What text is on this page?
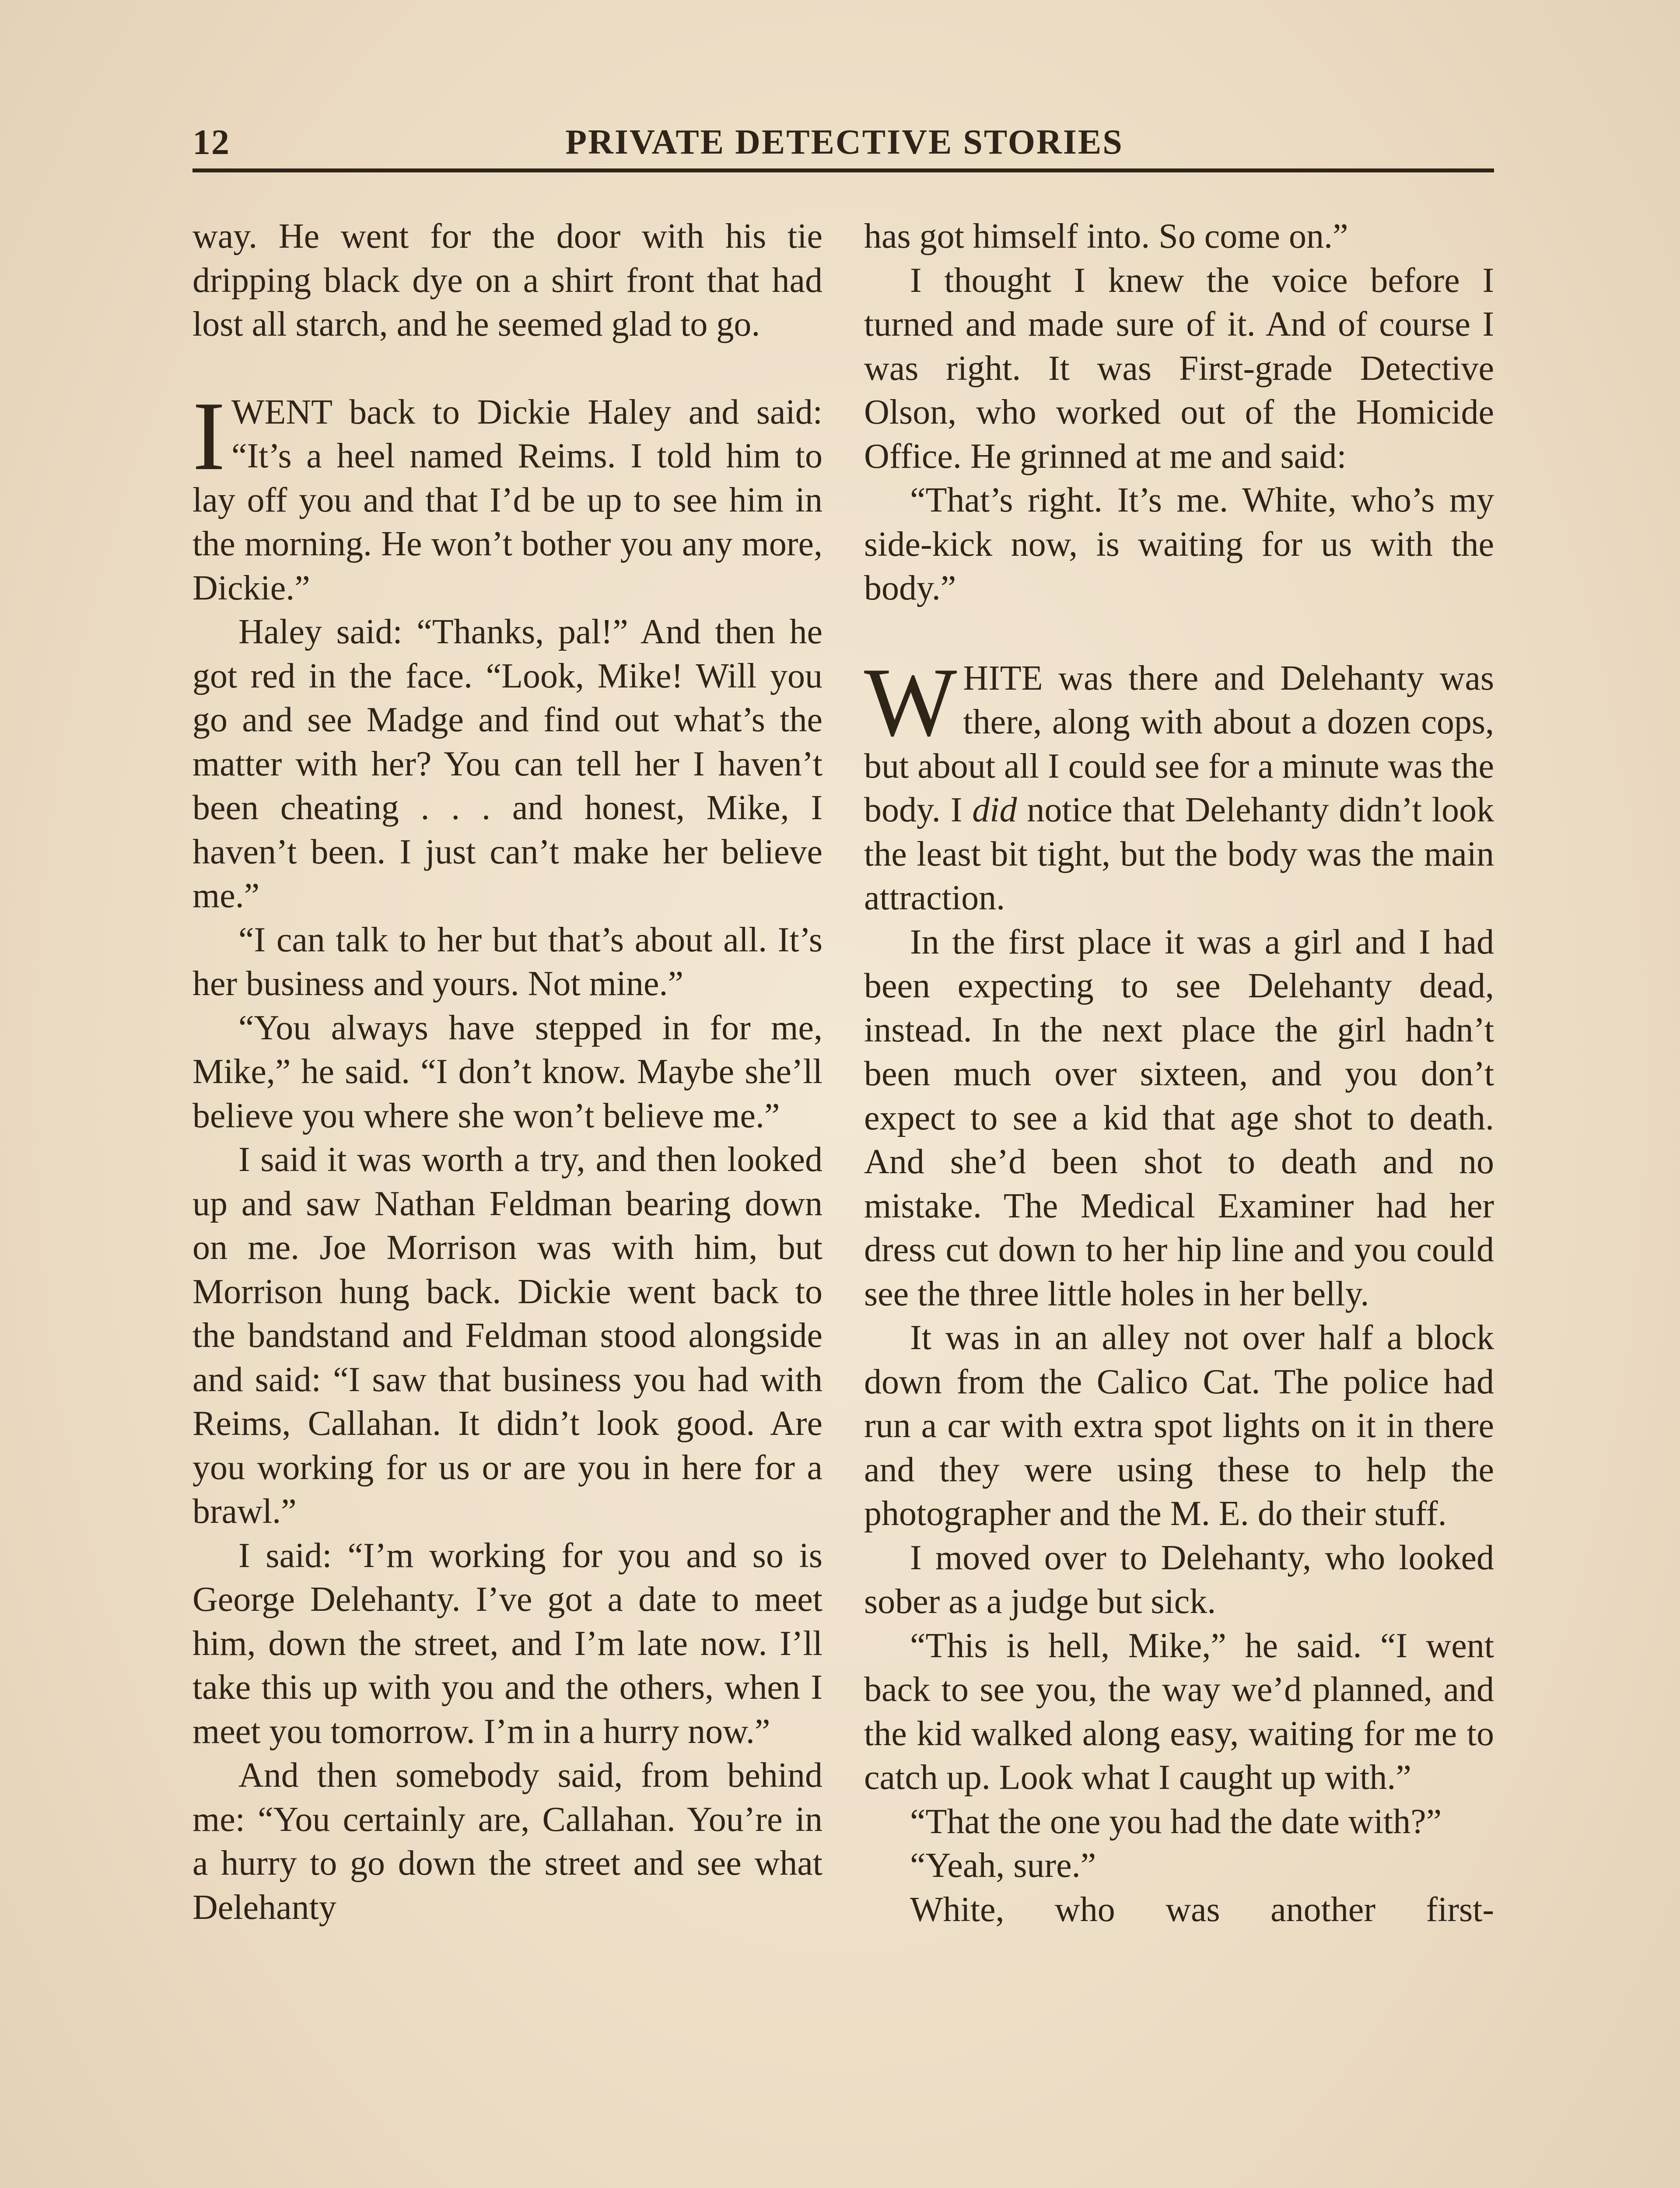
12	PRIVATE DETECTIVE STORIES

way. He went for the door with his tie dripping black dye on a shirt front that had lost all starch, and he seemed glad to go.

I WENT back to Dickie Haley and said: “It’s a heel named Reims. I told him to lay off you and that I’d be up to see him in the morning. He won’t bother you any more, Dickie.”

Haley said: “Thanks, pal!” And then he got red in the face. “Look, Mike! Will you go and see Madge and find out what’s the matter with her? You can tell her I haven’t been cheating . . . and honest, Mike, I haven’t been. I just can’t make her believe me.”

“I can talk to her but that’s about all. It’s her business and yours. Not mine.”

“You always have stepped in for me, Mike,” he said. “I don’t know. Maybe she’ll believe you where she won’t believe me.”

I said it was worth a try, and then looked up and saw Nathan Feldman bearing down on me. Joe Morrison was with him, but Morrison hung back. Dickie went back to the bandstand and Feldman stood alongside and said: “I saw that business you had with Reims, Callahan. It didn’t look good. Are you working for us or are you in here for a brawl.”

I said: “I’m working for you and so is George Delehanty. I’ve got a date to meet him, down the street, and I’m late now. I’ll take this up with you and the others, when I meet you tomorrow. I’m in a hurry now.”

And then somebody said, from behind me: “You certainly are, Callahan. You’re in a hurry to go down the street and see what Delehanty

has got himself into. So come on.”

I thought I knew the voice before I turned and made sure of it. And of course I was right. It was First-grade Detective Olson, who worked out of the Homicide Office. He grinned at me and said:

“That’s right. It’s me. White, who’s my side-kick now, is waiting for us with the body.”

WHITE was there and Delehanty was there, along with about a dozen cops, but about all I could see for a minute was the body. I did notice that Delehanty didn’t look the least bit tight, but the body was the main attraction.

In the first place it was a girl and I had been expecting to see Delehanty dead, instead. In the next place the girl hadn’t been much over sixteen, and you don’t expect to see a kid that age shot to death. And she’d been shot to death and no mistake. The Medical Examiner had her dress cut down to her hip line and you could see the three little holes in her belly.

It was in an alley not over half a block down from the Calico Cat. The police had run a car with extra spot lights on it in there and they were using these to help the photographer and the M. E. do their stuff.

I moved over to Delehanty, who looked sober as a judge but sick.

“This is hell, Mike,” he said. “I went back to see you, the way we’d planned, and the kid walked along easy, waiting for me to catch up. Look what I caught up with.”

“That the one you had the date with?”

“Yeah, sure.”

White, who was another first-
